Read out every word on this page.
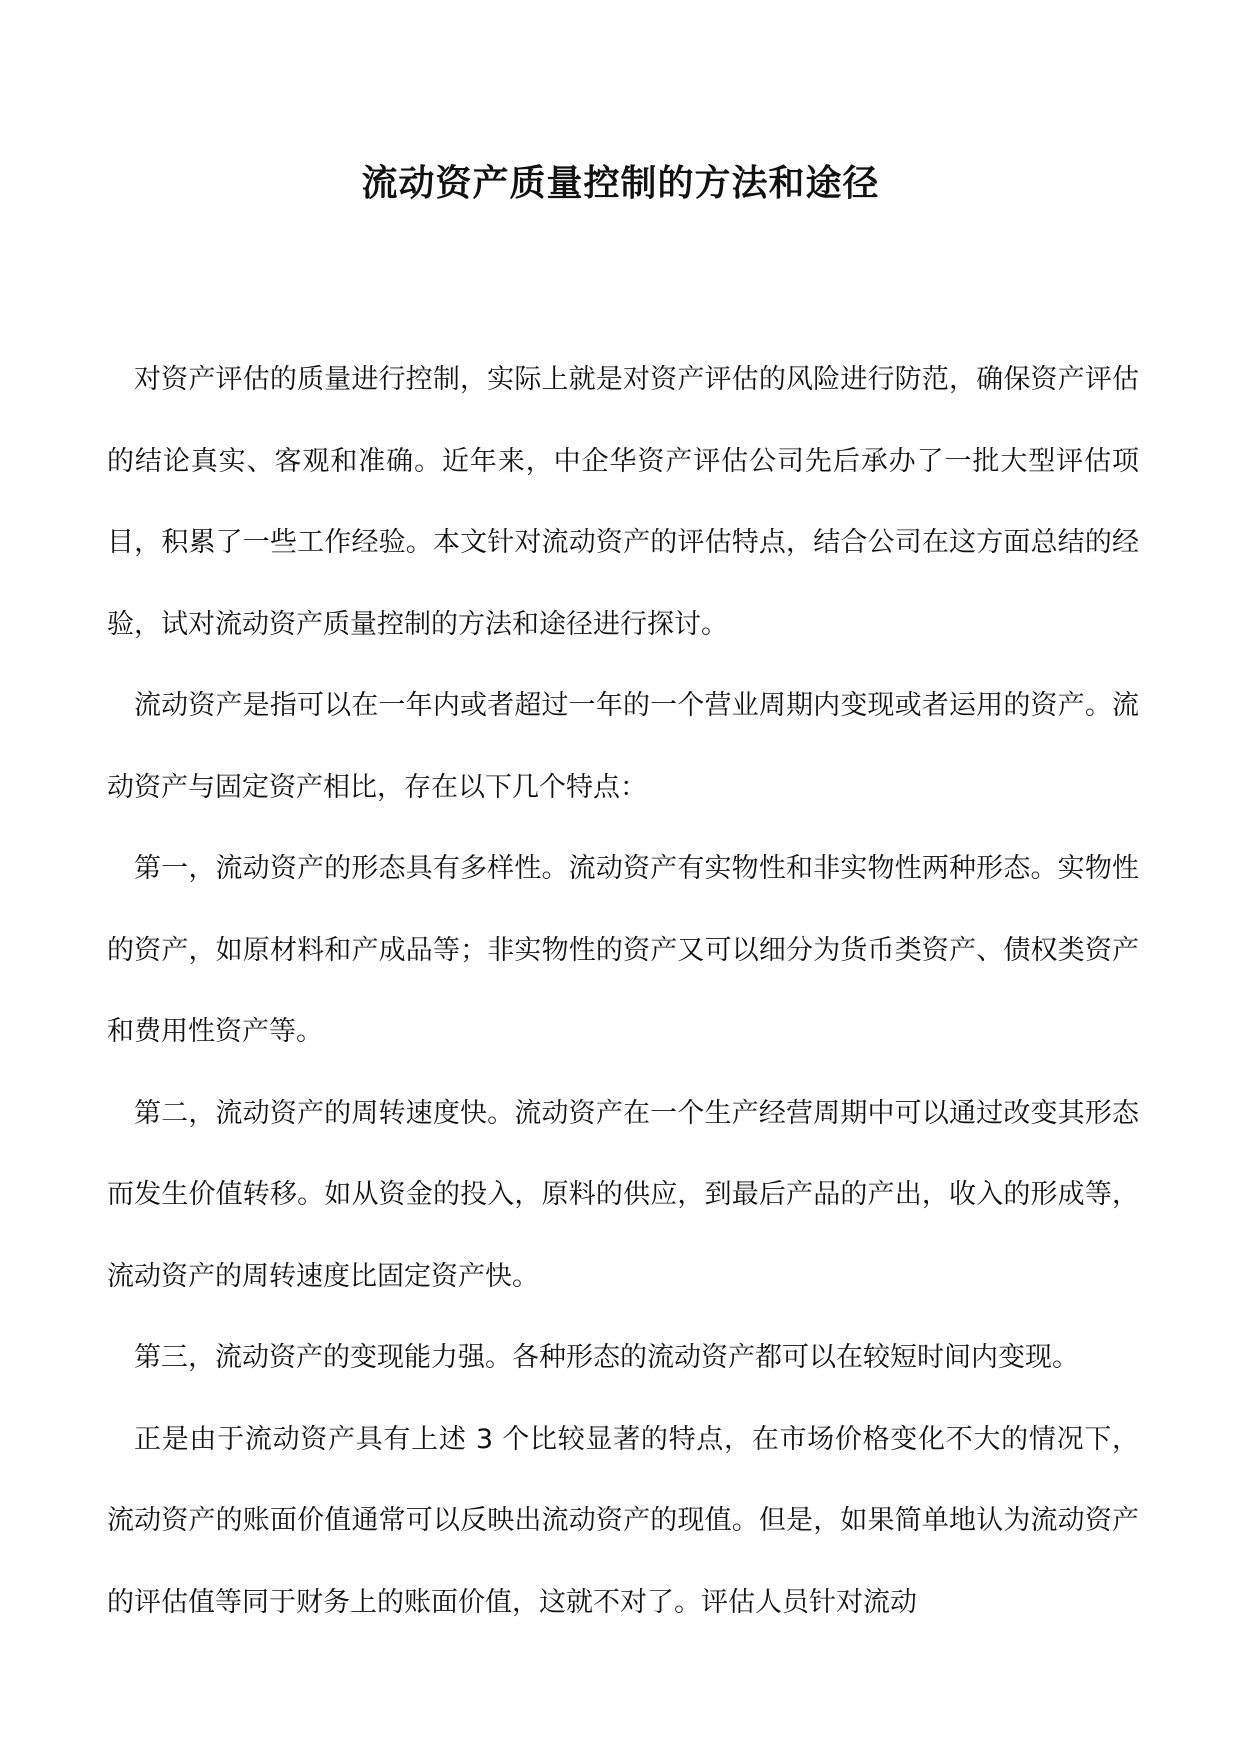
流动资产质量控制的方法和途径

对资产评估的质量进行控制，实际上就是对资产评估的风险进行防范，确保资产评估的结论真实、客观和准确。近年来，中企华资产评估公司先后承办了一批大型评估项目，积累了一些工作经验。本文针对流动资产的评估特点，结合公司在这方面总结的经验，试对流动资产质量控制的方法和途径进行探讨。

流动资产是指可以在一年内或者超过一年的一个营业周期内变现或者运用的资产。流动资产与固定资产相比，存在以下几个特点：

第一，流动资产的形态具有多样性。流动资产有实物性和非实物性两种形态。实物性的资产，如原材料和产成品等；非实物性的资产又可以细分为货币类资产、债权类资产和费用性资产等。

第二，流动资产的周转速度快。流动资产在一个生产经营周期中可以通过改变其形态而发生价值转移。如从资金的投入，原料的供应，到最后产品的产出，收入的形成等，流动资产的周转速度比固定资产快。

第三，流动资产的变现能力强。各种形态的流动资产都可以在较短时间内变现。

正是由于流动资产具有上述 3 个比较显著的特点，在市场价格变化不大的情况下，流动资产的账面价值通常可以反映出流动资产的现值。但是，如果简单地认为流动资产的评估值等同于财务上的账面价值，这就不对了。评估人员针对流动
